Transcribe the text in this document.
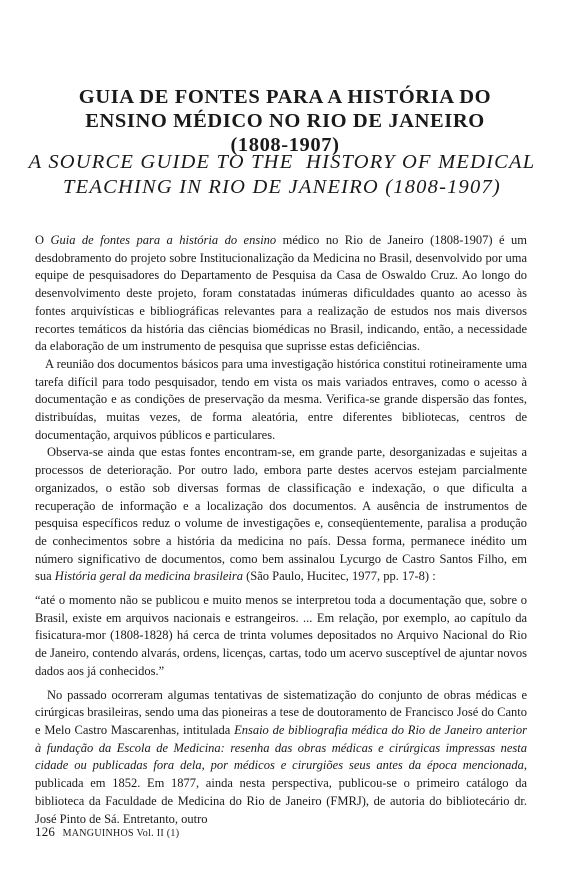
GUIA DE FONTES PARA A HISTÓRIA DO
ENSINO MÉDICO NO RIO DE JANEIRO
(1808-1907)
A SOURCE GUIDE TO THE  HISTORY OF MEDICAL
TEACHING IN RIO DE JANEIRO (1808-1907)

O Guia de fontes para a história do ensino médico no Rio de Janeiro (1808-1907) é um desdobramento do projeto sobre Institucionalização da Medicina no Brasil, desenvolvido por uma equipe de pesquisadores do Departamento de Pesquisa da Casa de Oswaldo Cruz. Ao longo do desenvolvimento deste projeto, foram constatadas inúmeras dificuldades quanto ao acesso às fontes arquivísticas e bibliográficas relevantes para a realização de estudos nos mais diversos recortes temáticos da história das ciências biomédicas no Brasil, indicando, então, a necessidade da elaboração de um instrumento de pesquisa que suprisse estas deficiências.

A reunião dos documentos básicos para uma investigação histórica constitui rotineiramente uma tarefa difícil para todo pesquisador, tendo em vista os mais variados entraves, como o acesso à documentação e as condições de preservação da mesma. Verifica-se grande dispersão das fontes, distribuídas, muitas vezes, de forma aleatória, entre diferentes bibliotecas, centros de documentação, arquivos públicos e particulares.

Observa-se ainda que estas fontes encontram-se, em grande parte, desorganizadas e sujeitas a processos de deterioração. Por outro lado, embora parte destes acervos estejam parcialmente organizados, o estão sob diversas formas de classificação e indexação, o que dificulta a recuperação de informação e a localização dos documentos. A ausência de instrumentos de pesquisa específicos reduz o volume de investigações e, conseqüentemente, paralisa a produção de conhecimentos sobre a história da medicina no país. Dessa forma, permanece inédito um número significativo de documentos, como bem assinalou Lycurgo de Castro Santos Filho, em sua História geral da medicina brasileira (São Paulo, Hucitec, 1977, pp. 17-8) :

“até o momento não se publicou e muito menos se interpretou toda a documentação que, sobre o Brasil, existe em arquivos nacionais e estrangeiros. ... Em relação, por exemplo, ao capítulo da fisicatura-mor (1808-1828) há cerca de trinta volumes depositados no Arquivo Nacional do Rio de Janeiro, contendo alvarás, ordens, licenças, cartas, todo um acervo susceptível de ajuntar novos dados aos já conhecidos.”

No passado ocorreram algumas tentativas de sistematização do conjunto de obras médicas e cirúrgicas brasileiras, sendo uma das pioneiras a tese de doutoramento de Francisco José do Canto e Melo Castro Mascarenhas, intitulada Ensaio de bibliografia médica do Rio de Janeiro anterior à fundação da Escola de Medicina: resenha das obras médicas e cirúrgicas impressas nesta cidade ou publicadas fora dela, por médicos e cirurgiões seus antes da época mencionada, publicada em 1852. Em 1877, ainda nesta perspectiva, publicou-se o primeiro catálogo da biblioteca da Faculdade de Medicina do Rio de Janeiro (FMRJ), de autoria do bibliotecário dr. José Pinto de Sá. Entretanto, outro

126 MANGUINHOS Vol. II (1)
